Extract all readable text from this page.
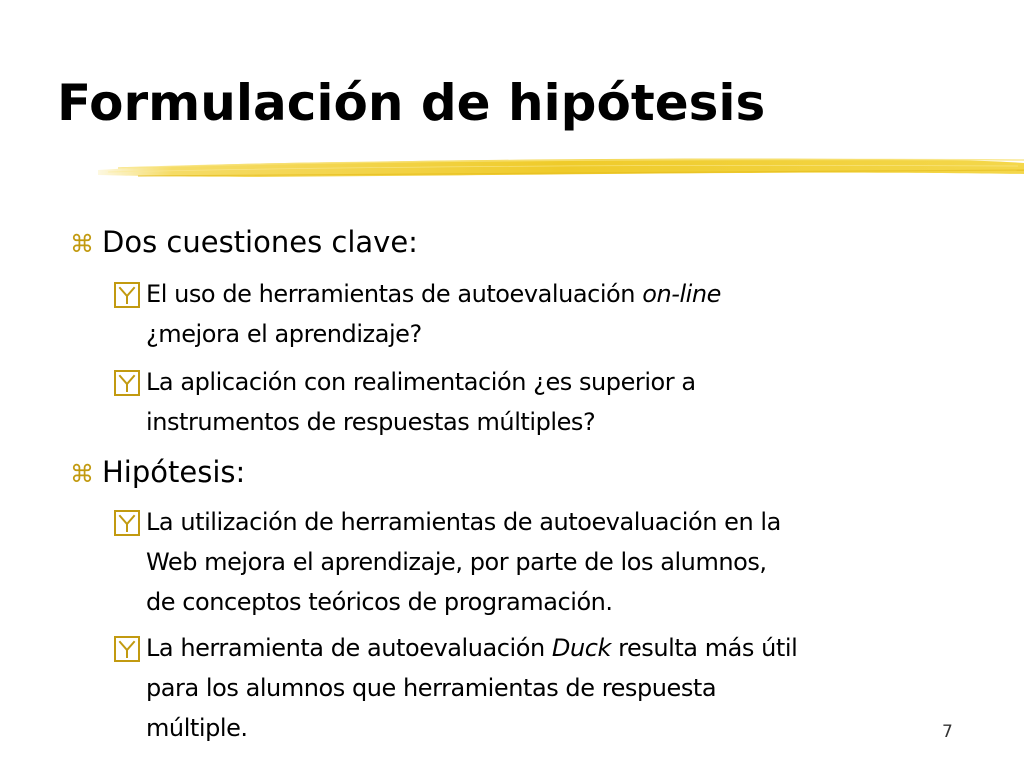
Formulación de hipótesis
⌘ Dos cuestiones clave:
El uso de herramientas de autoevaluación on-line
¿mejora el aprendizaje?
La aplicación con realimentación ¿es superior a
instrumentos de respuestas múltiples?
⌘ Hipótesis:
La utilización de herramientas de autoevaluación en la
Web mejora el aprendizaje, por parte de los alumnos,
de conceptos teóricos de programación.
La herramienta de autoevaluación Duck resulta más útil
para los alumnos que herramientas de respuesta
múltiple.	7
